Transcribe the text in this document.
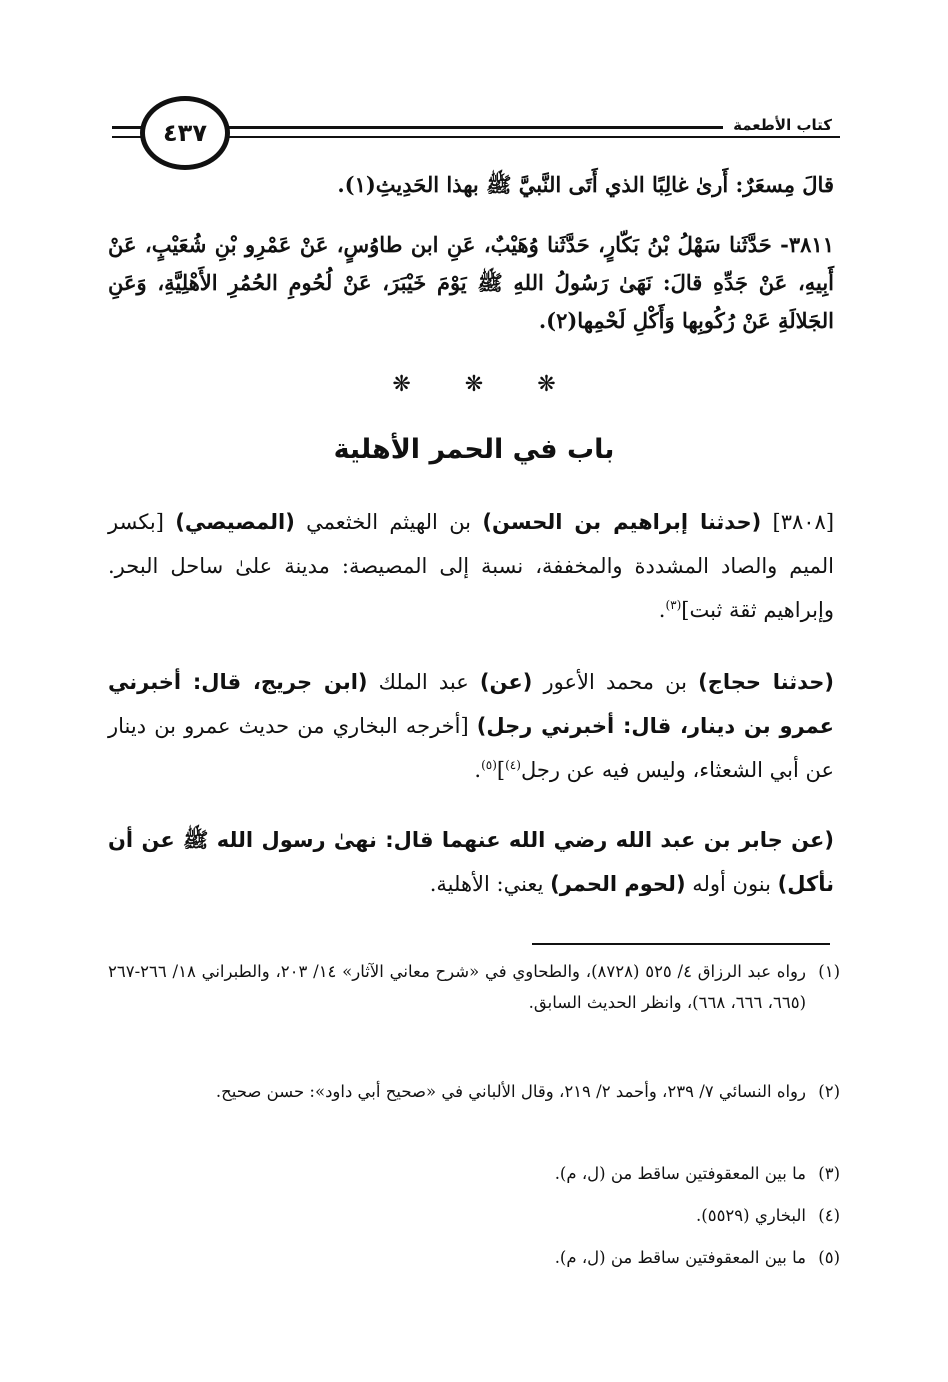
٤٣٧	كتاب الأطعمة
قالَ مِسعَرٌ: أَرىٰ غالِبًا الذي أَتَى النَّبيَّ ﷺ بهذا الحَدِيثِ(١).
٣٨١١- حَدَّثَنا سَهْلُ بْنُ بَكّارٍ، حَدَّثَنا وُهَيْبٌ، عَنِ ابن طاوُسٍ، عَنْ عَمْرِو بْنِ شُعَيْبٍ، عَنْ أَبِيهِ، عَنْ جَدِّهِ قالَ: نَهَىٰ رَسُولُ اللهِ ﷺ يَوْمَ خَيْبَرَ، عَنْ لُحُومِ الحُمُرِ الأَهْلِيَّةِ، وَعَنِ الجَلالَةِ عَنْ رُكُوبِها وَأَكْلِ لَحْمِها(٢).
❋ ❋ ❋
باب في الحمر الأهلية
[٣٨٠٨] (حدثنا إبراهيم بن الحسن) بن الهيثم الخثعمي (المصيصي) [بكسر الميم والصاد المشددة والمخففة، نسبة إلى المصيصة: مدينة علىٰ ساحل البحر. وإبراهيم ثقة ثبت]$^{(٣)}$.
(حدثنا حجاج) بن محمد الأعور (عن) عبد الملك (ابن جريج، قال: أخبرني عمرو بن دينار، قال: أخبرني رجل) [أخرجه البخاري من حديث عمرو بن دينار عن أبي الشعثاء، وليس فيه عن رجل$^{(٤)}$]$^{(٥)}$.
(عن جابر بن عبد الله رضي الله عنهما قال: نهىٰ رسول الله ﷺ عن أن نأكل) بنون أوله (لحوم الحمر) يعني: الأهلية.
(١)
رواه عبد الرزاق ٤/ ٥٢٥ (٨٧٢٨)، والطحاوي في «شرح معاني الآثار» ١٤/ ٢٠٣، والطبراني ١٨/ ٢٦٦-٢٦٧ (٦٦٥، ٦٦٦، ٦٦٨)، وانظر الحديث السابق.
(٢)
رواه النسائي ٧/ ٢٣٩، وأحمد ٢/ ٢١٩، وقال الألباني في «صحيح أبي داود»: حسن صحيح.
(٣)
ما بين المعقوفتين ساقط من (ل، م).
(٤)
البخاري (٥٥٢٩).
(٥)
ما بين المعقوفتين ساقط من (ل، م).
